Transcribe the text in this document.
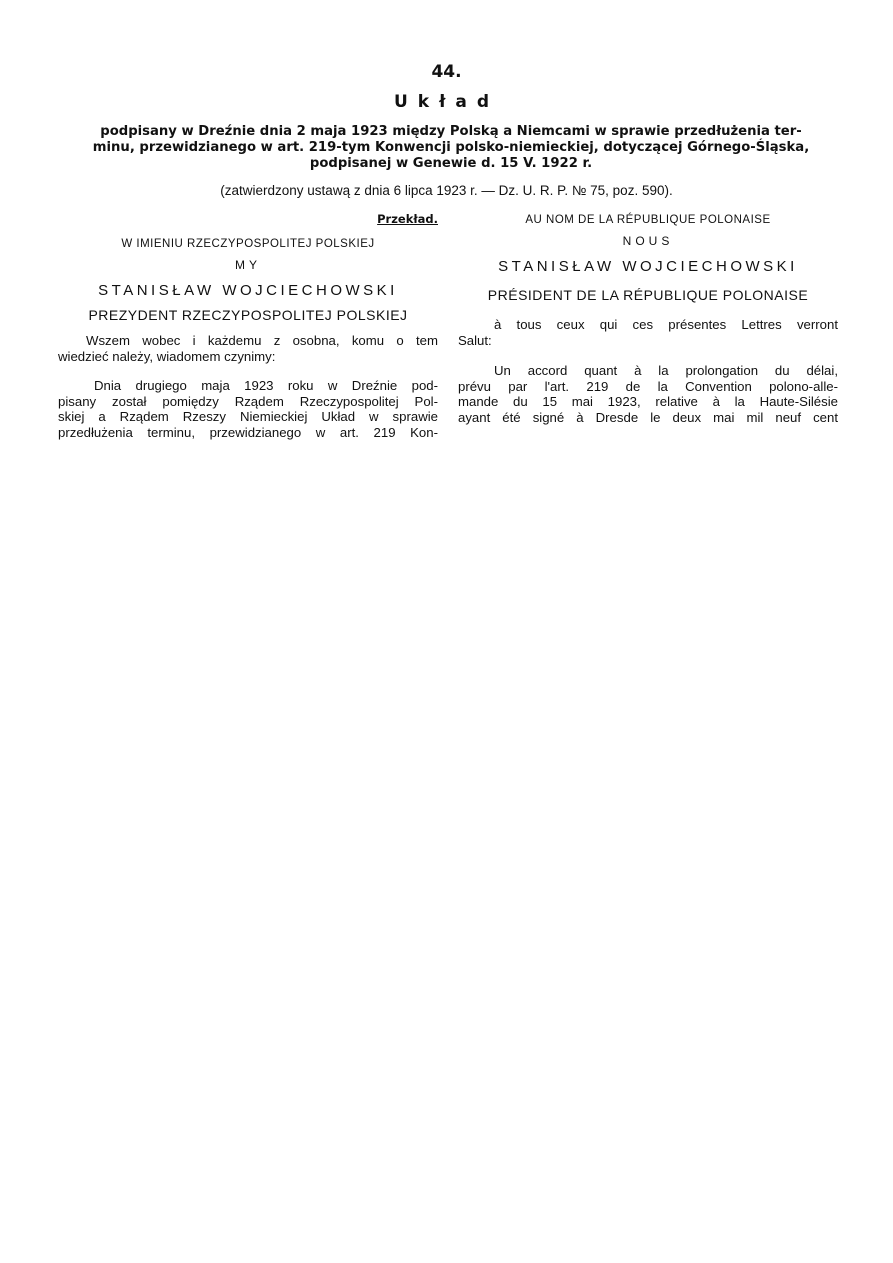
44.
Układ
podpisany w Dreźnie dnia 2 maja 1923 między Polską a Niemcami w sprawie przedłużenia ter-
minu, przewidzianego w art. 219-tym Konwencji polsko-niemieckiej, dotyczącej Górnego-Śląska,
podpisanej w Genewie d. 15 V. 1922 r.
(zatwierdzony ustawą z dnia 6 lipca 1923 r. — Dz. U. R. P. № 75, poz. 590).
Przekład.
W IMIENIU RZECZYPOSPOLITEJ POLSKIEJ
MY
STANISŁAW WOJCIECHOWSKI
PREZYDENT RZECZYPOSPOLITEJ POLSKIEJ
Wszem wobec i każdemu z osobna, komu o tem
wiedzieć należy, wiadomem czynimy:
Dnia drugiego maja 1923 roku w Dreźnie pod-
pisany został pomiędzy Rządem Rzeczypospolitej Pol-
skiej a Rządem Rzeszy Niemieckiej Układ w sprawie
przedłużenia terminu, przewidzianego w art. 219 Kon-
AU NOM DE LA RÉPUBLIQUE POLONAISE
NOUS
STANISŁAW WOJCIECHOWSKI
PRÉSIDENT DE LA RÉPUBLIQUE POLONAISE
à tous ceux qui ces présentes Lettres verront
Salut:
Un accord quant à la prolongation du délai,
prévu par l'art. 219 de la Convention polono-alle-
mande du 15 mai 1923, relative à la Haute-Silésie
ayant été signé à Dresde le deux mai mil neuf cent
